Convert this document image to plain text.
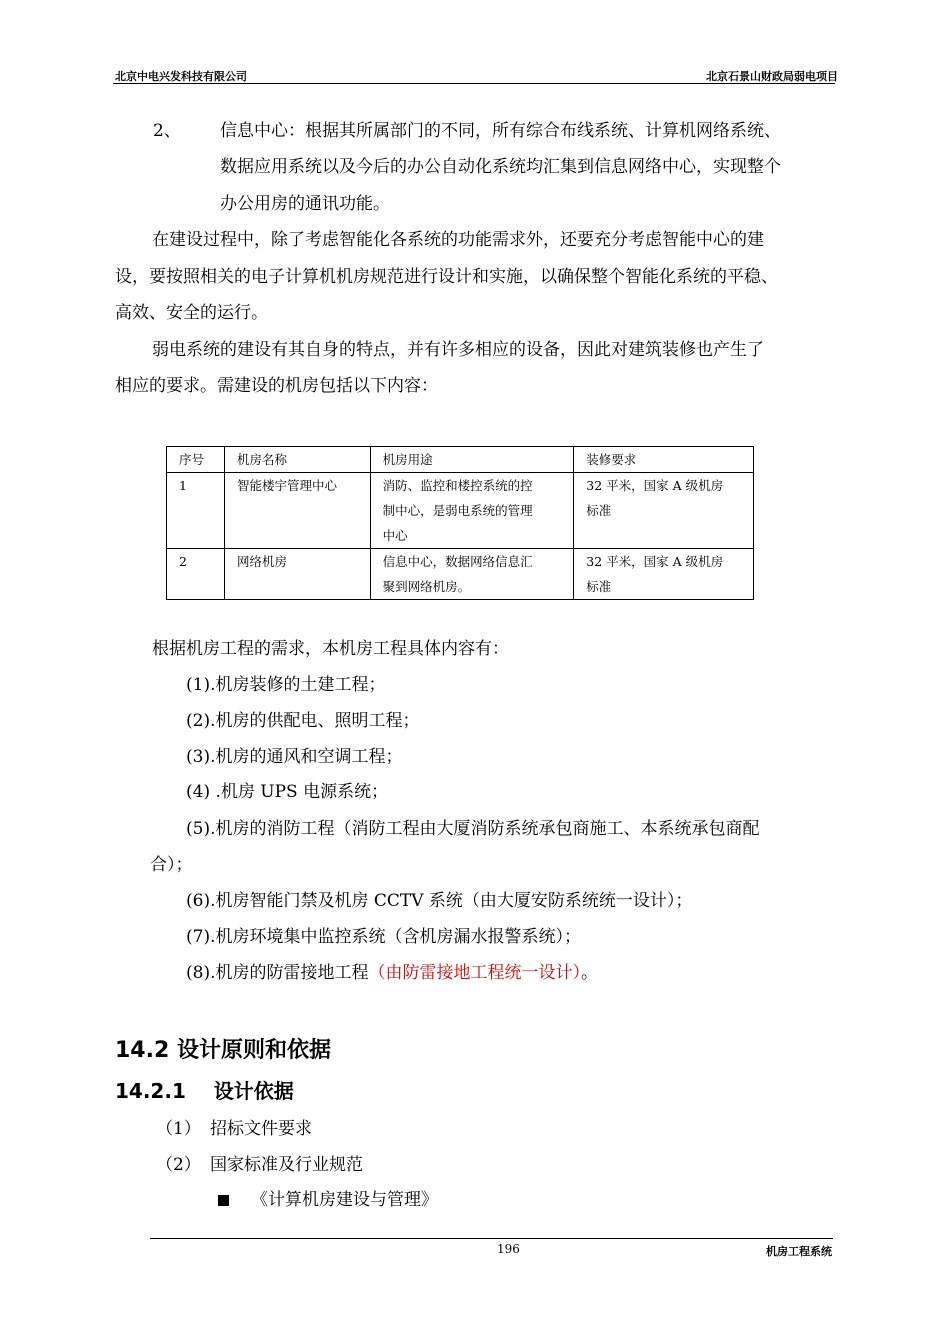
北京中电兴发科技有限公司	北京石景山财政局弱电项目
2、 信息中心：根据其所属部门的不同，所有综合布线系统、计算机网络系统、
数据应用系统以及今后的办公自动化系统均汇集到信息网络中心，实现整个
办公用房的通讯功能。
在建设过程中，除了考虑智能化各系统的功能需求外，还要充分考虑智能中心的建
设，要按照相关的电子计算机机房规范进行设计和实施，以确保整个智能化系统的平稳、
高效、安全的运行。
弱电系统的建设有其自身的特点，并有许多相应的设备，因此对建筑装修也产生了
相应的要求。需建设的机房包括以下内容：
序号	机房名称	机房用途	装修要求
1	智能楼宇管理中心	消防、监控和楼控系统的控
制中心，是弱电系统的管理
中心	32 平米，国家 A 级机房
标准
2	网络机房	信息中心，数据网络信息汇
聚到网络机房。	32 平米，国家 A 级机房
标准
根据机房工程的需求，本机房工程具体内容有：
(1).机房装修的土建工程；
(2).机房的供配电、照明工程；
(3).机房的通风和空调工程；
(4) .机房 UPS 电源系统；
(5).机房的消防工程（消防工程由大厦消防系统承包商施工、本系统承包商配
合）；
(6).机房智能门禁及机房 CCTV 系统（由大厦安防系统统一设计）；
(7).机房环境集中监控系统（含机房漏水报警系统）；
(8).机房的防雷接地工程（由防雷接地工程统一设计）。
14.2 设计原则和依据
14.2.1    设计依据
（1） 招标文件要求
（2） 国家标准及行业规范
《计算机房建设与管理》
196	机房工程系统
